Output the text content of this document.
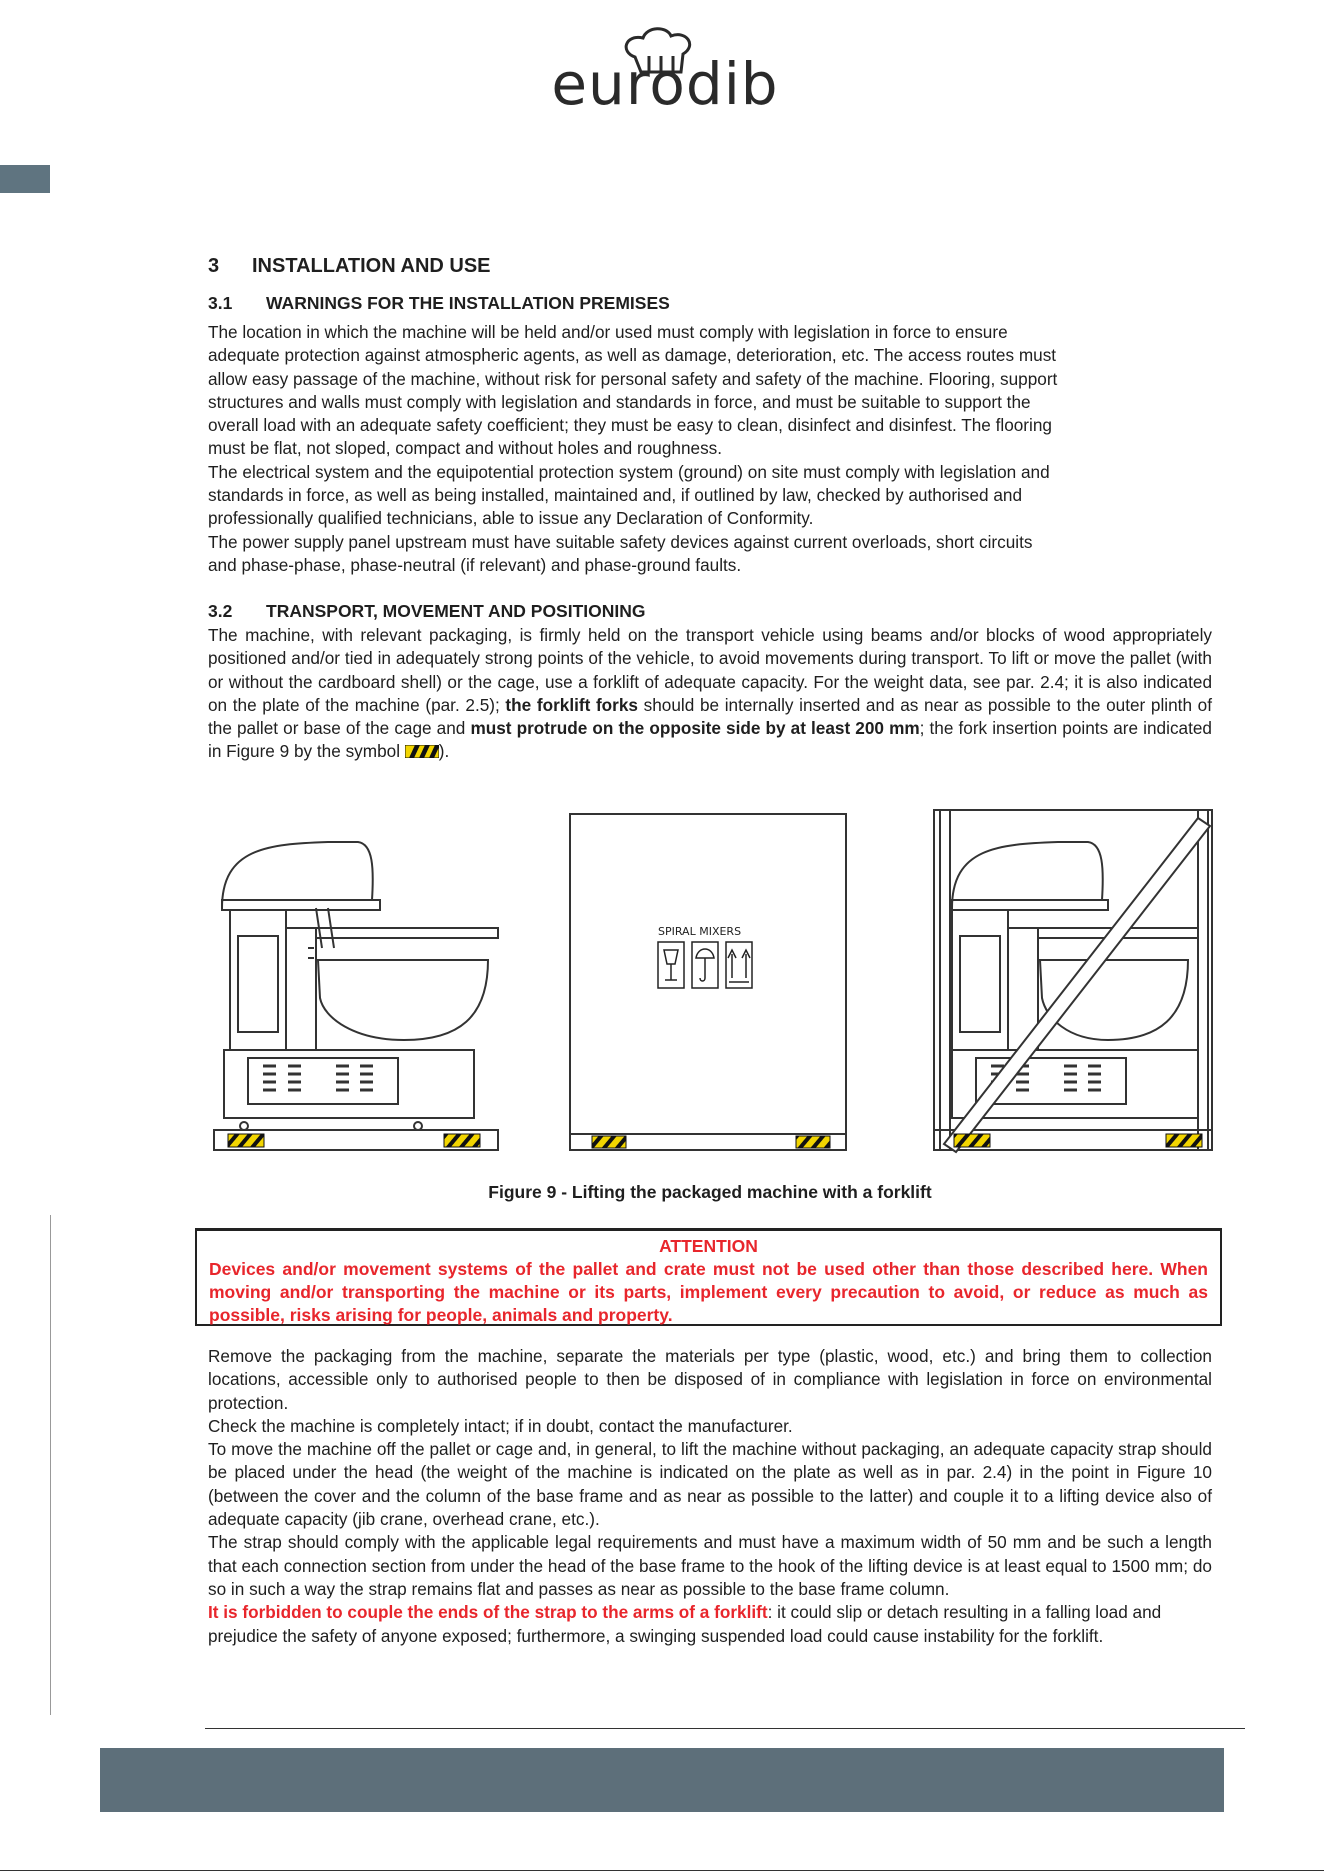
eurodib
3 INSTALLATION AND USE
3.1 WARNINGS FOR THE INSTALLATION PREMISES

The location in which the machine will be held and/or used must comply with legislation in force to ensure

adequate protection against atmospheric agents, as well as damage, deterioration, etc. The access routes must

allow easy passage of the machine, without risk for personal safety and safety of the machine. Flooring, support

structures and walls must comply with legislation and standards in force, and must be suitable to support the

overall load with an adequate safety coefficient; they must be easy to clean, disinfect and disinfest. The flooring

must be flat, not sloped, compact and without holes and roughness.

The electrical system and the equipotential protection system (ground) on site must comply with legislation and

standards in force, as well as being installed, maintained and, if outlined by law, checked by authorised and

professionally qualified technicians, able to issue any Declaration of Conformity.

The power supply panel upstream must have suitable safety devices against current overloads, short circuits

and phase-phase, phase-neutral (if relevant) and phase-ground faults.

3.2 TRANSPORT, MOVEMENT AND POSITIONING

The machine, with relevant packaging, is firmly held on the transport vehicle using beams and/or blocks of wood appropriately positioned and/or tied in adequately strong points of the vehicle, to avoid movements during transport. To lift or move the pallet (with or without the cardboard shell) or the cage, use a forklift of adequate capacity. For the weight data, see par. 2.4; it is also indicated on the plate of the machine (par. 2.5); the forklift forks should be internally inserted and as near as possible to the outer plinth of the pallet or base of the cage and must protrude on the opposite side by at least 200 mm; the fork insertion points are indicated in Figure 9 by the symbol ).

SPIRAL MIXERS
Figure 9 - Lifting the packaged machine with a forklift
ATTENTION
Devices and/or movement systems of the pallet and crate must not be used other than those described here. When moving and/or transporting the machine or its parts, implement every precaution to avoid, or reduce as much as possible, risks arising for people, animals and property.

Remove the packaging from the machine, separate the materials per type (plastic, wood, etc.) and bring them to collection locations, accessible only to authorised people to then be disposed of in compliance with legislation in force on environmental protection.

Check the machine is completely intact; if in doubt, contact the manufacturer.

To move the machine off the pallet or cage and, in general, to lift the machine without packaging, an adequate capacity strap should be placed under the head (the weight of the machine is indicated on the plate as well as in par. 2.4) in the point in Figure 10 (between the cover and the column of the base frame and as near as possible to the latter) and couple it to a lifting device also of adequate capacity (jib crane, overhead crane, etc.).

The strap should comply with the applicable legal requirements and must have a maximum width of 50 mm and be such a length that each connection section from under the head of the base frame to the hook of the lifting device is at least equal to 1500 mm; do so in such a way the strap remains flat and passes as near as possible to the base frame column.

It is forbidden to couple the ends of the strap to the arms of a forklift: it could slip or detach resulting in a falling load and prejudice the safety of anyone exposed; furthermore, a swinging suspended load could cause instability for the forklift.
